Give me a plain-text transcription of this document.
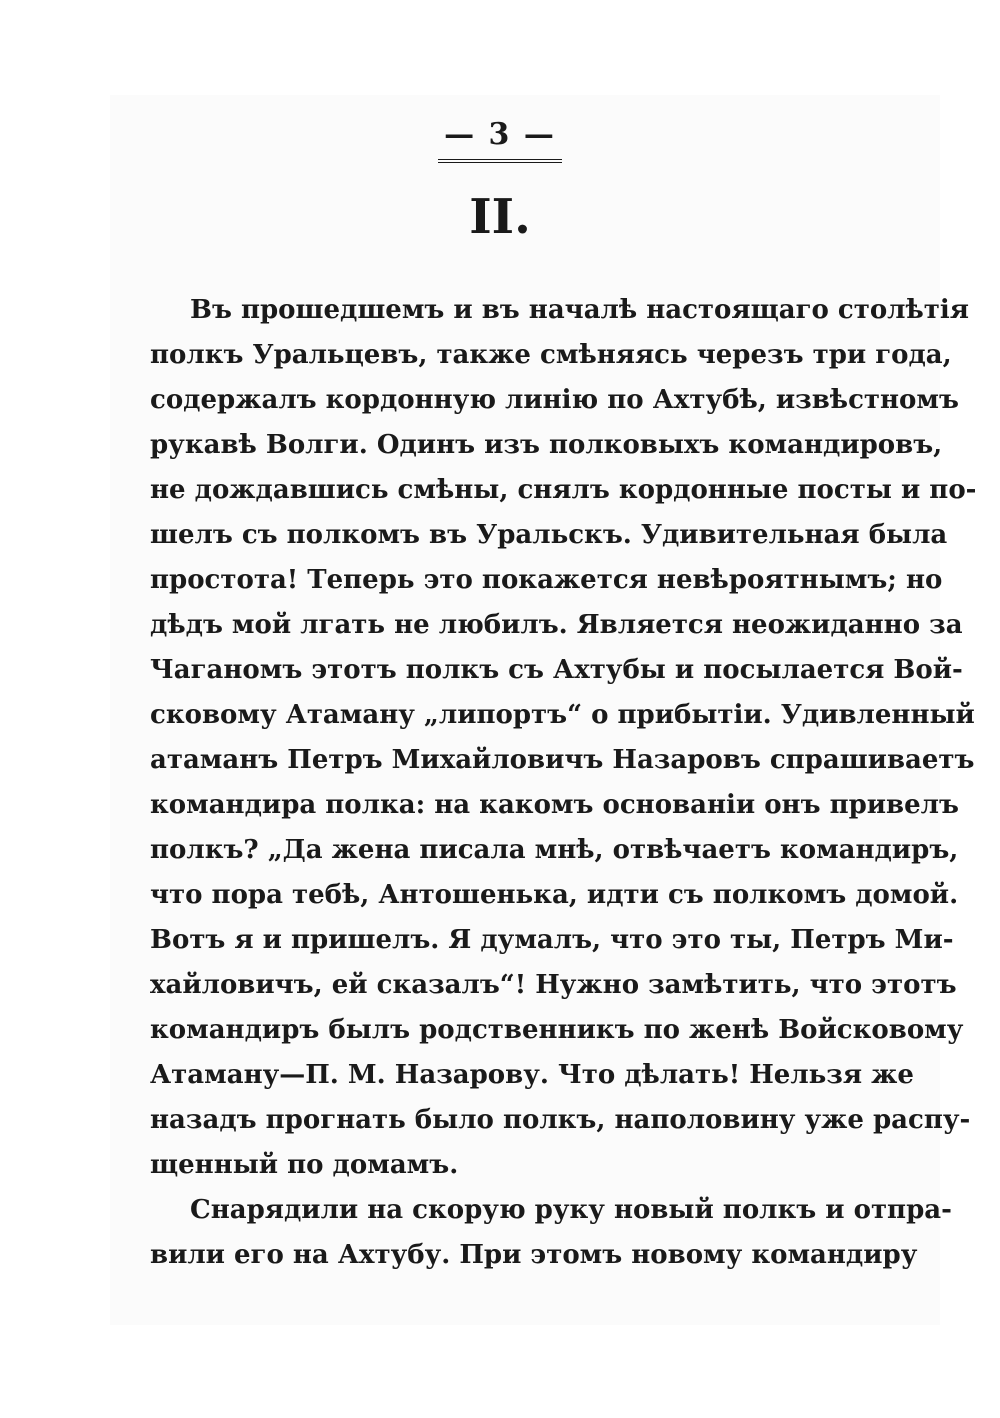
— 3 —
II.
Въ прошедшемъ и въ началѣ настоящаго столѣтія
полкъ Уральцевъ, также смѣняясь черезъ три года,
содержалъ кордонную линію по Ахтубѣ, извѣстномъ
рукавѣ Волги. Одинъ изъ полковыхъ командировъ,
не дождавшись смѣны, снялъ кордонные посты и по-
шелъ съ полкомъ въ Уральскъ. Удивительная была
простота! Теперь это покажется невѣроятнымъ; но
дѣдъ мой лгать не любилъ. Является неожиданно за
Чаганомъ этотъ полкъ съ Ахтубы и посылается Вой-
сковому Атаману „липортъ“ о прибытіи. Удивленный
атаманъ Петръ Михайловичъ Назаровъ спрашиваетъ
командира полка: на какомъ основаніи онъ привелъ
полкъ? „Да жена писала мнѣ, отвѣчаетъ командиръ,
что пора тебѣ, Антошенька, идти съ полкомъ домой.
Вотъ я и пришелъ. Я думалъ, что это ты, Петръ Ми-
хайловичъ, ей сказалъ“! Нужно замѣтить, что этотъ
командиръ былъ родственникъ по женѣ Войсковому
Атаману—П. М. Назарову. Что дѣлать! Нельзя же
назадъ прогнать было полкъ, наполовину уже распу-
щенный по домамъ.
Снарядили на скорую руку новый полкъ и отпра-
вили его на Ахтубу. При этомъ новому командиру
